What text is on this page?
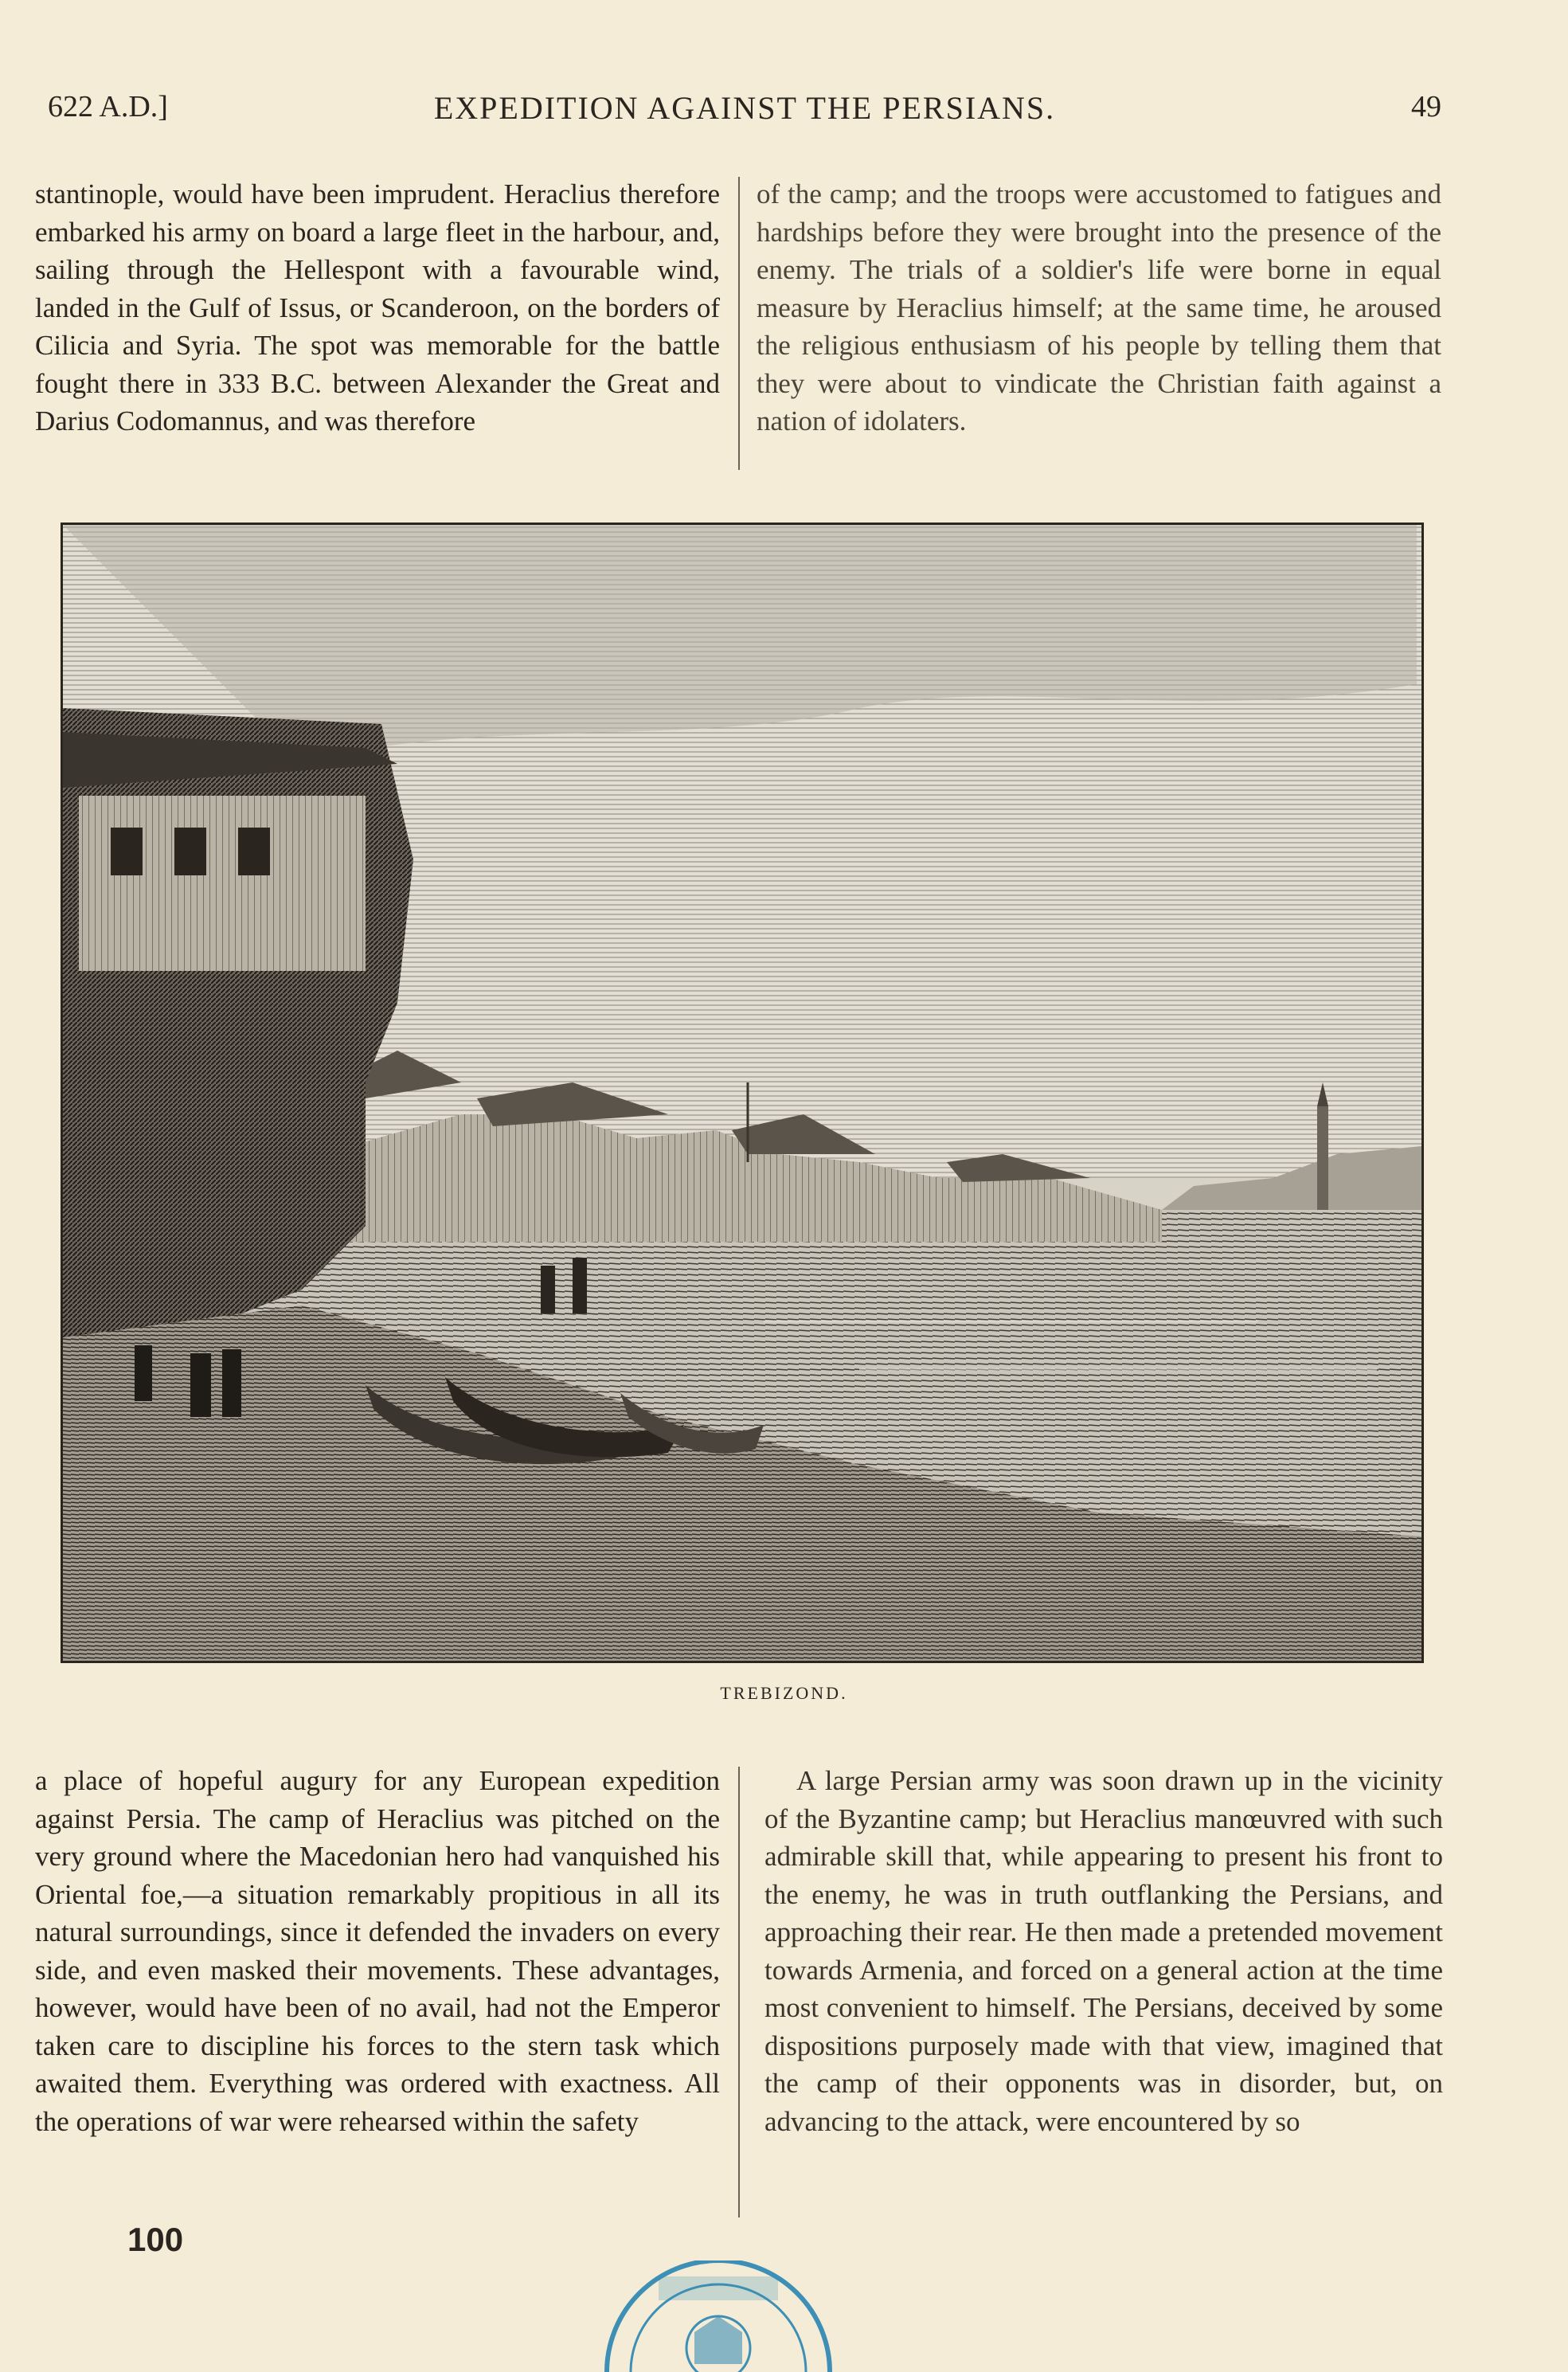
622 A.D.]	EXPEDITION AGAINST THE PERSIANS.	49

stantinople, would have been imprudent. Heraclius therefore embarked his army on board a large fleet in the harbour, and, sailing through the Hellespont with a favourable wind, landed in the Gulf of Issus, or Scanderoon, on the borders of Cilicia and Syria. The spot was memorable for the battle fought there in 333 B.C. between Alexander the Great and Darius Codomannus, and was therefore

of the camp; and the troops were accustomed to fatigues and hardships before they were brought into the presence of the enemy. The trials of a soldier's life were borne in equal measure by Heraclius himself; at the same time, he aroused the religious enthusiasm of his people by telling them that they were about to vindicate the Christian faith against a nation of idolaters.

TREBIZOND.

a place of hopeful augury for any European expedition against Persia. The camp of Heraclius was pitched on the very ground where the Macedonian hero had vanquished his Oriental foe,—a situation remarkably propitious in all its natural surroundings, since it defended the invaders on every side, and even masked their movements. These advantages, however, would have been of no avail, had not the Emperor taken care to discipline his forces to the stern task which awaited them. Everything was ordered with exactness. All the operations of war were rehearsed within the safety

A large Persian army was soon drawn up in the vicinity of the Byzantine camp; but Heraclius manœuvred with such admirable skill that, while appearing to present his front to the enemy, he was in truth outflanking the Persians, and approaching their rear. He then made a pretended movement towards Armenia, and forced on a general action at the time most convenient to himself. The Persians, deceived by some dispositions purposely made with that view, imagined that the camp of their opponents was in disorder, but, on advancing to the attack, were encountered by so

100
